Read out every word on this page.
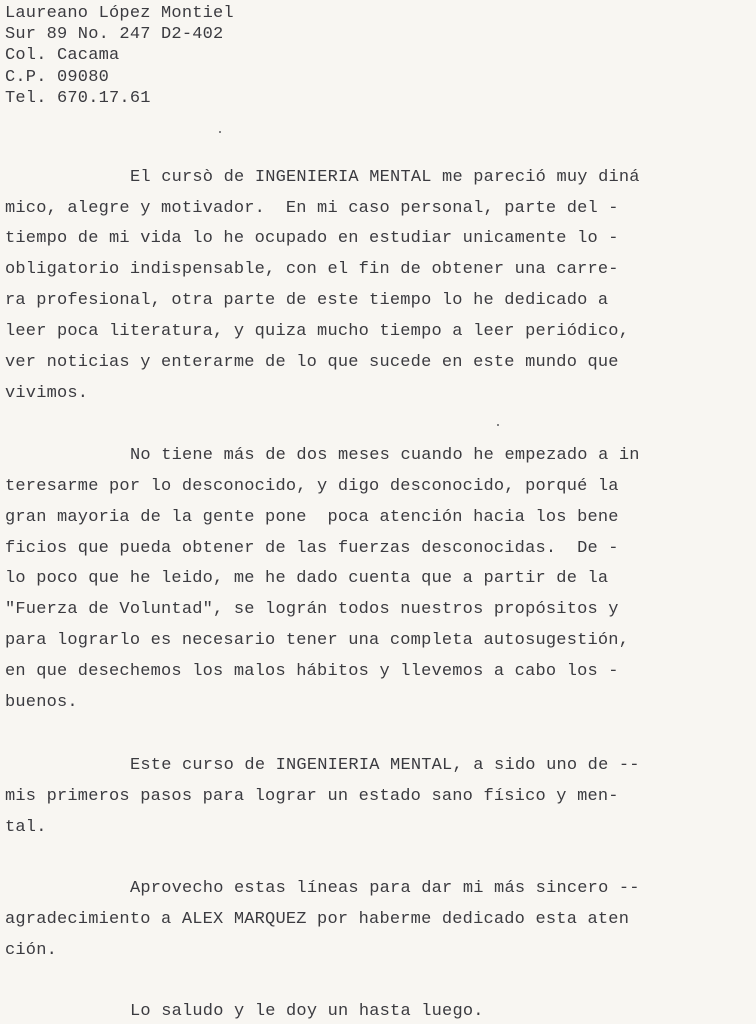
Laureano López Montiel
Sur 89 No. 247 D2-402
Col. Cacama
C.P. 09080
Tel. 670.17.61
El cursò de INGENIERIA MENTAL me pareció muy diná
mico, alegre y motivador.  En mi caso personal, parte del -
tiempo de mi vida lo he ocupado en estudiar unicamente lo -
obligatorio indispensable, con el fin de obtener una carre-
ra profesional, otra parte de este tiempo lo he dedicado a
leer poca literatura, y quiza mucho tiempo a leer periódico,
ver noticias y enterarme de lo que sucede en este mundo que
vivimos.
No tiene más de dos meses cuando he empezado a in
teresarme por lo desconocido, y digo desconocido, porqué la
gran mayoria de la gente pone  poca atención hacia los bene
ficios que pueda obtener de las fuerzas desconocidas.  De -
lo poco que he leido, me he dado cuenta que a partir de la
"Fuerza de Voluntad", se lográn todos nuestros propósitos y
para lograrlo es necesario tener una completa autosugestión,
en que desechemos los malos hábitos y llevemos a cabo los -
buenos.
Este curso de INGENIERIA MENTAL, a sido uno de --
mis primeros pasos para lograr un estado sano físico y men-
tal.
Aprovecho estas líneas para dar mi más sincero --
agradecimiento a ALEX MARQUEZ por haberme dedicado esta aten
ción.
Lo saludo y le doy un hasta luego.
